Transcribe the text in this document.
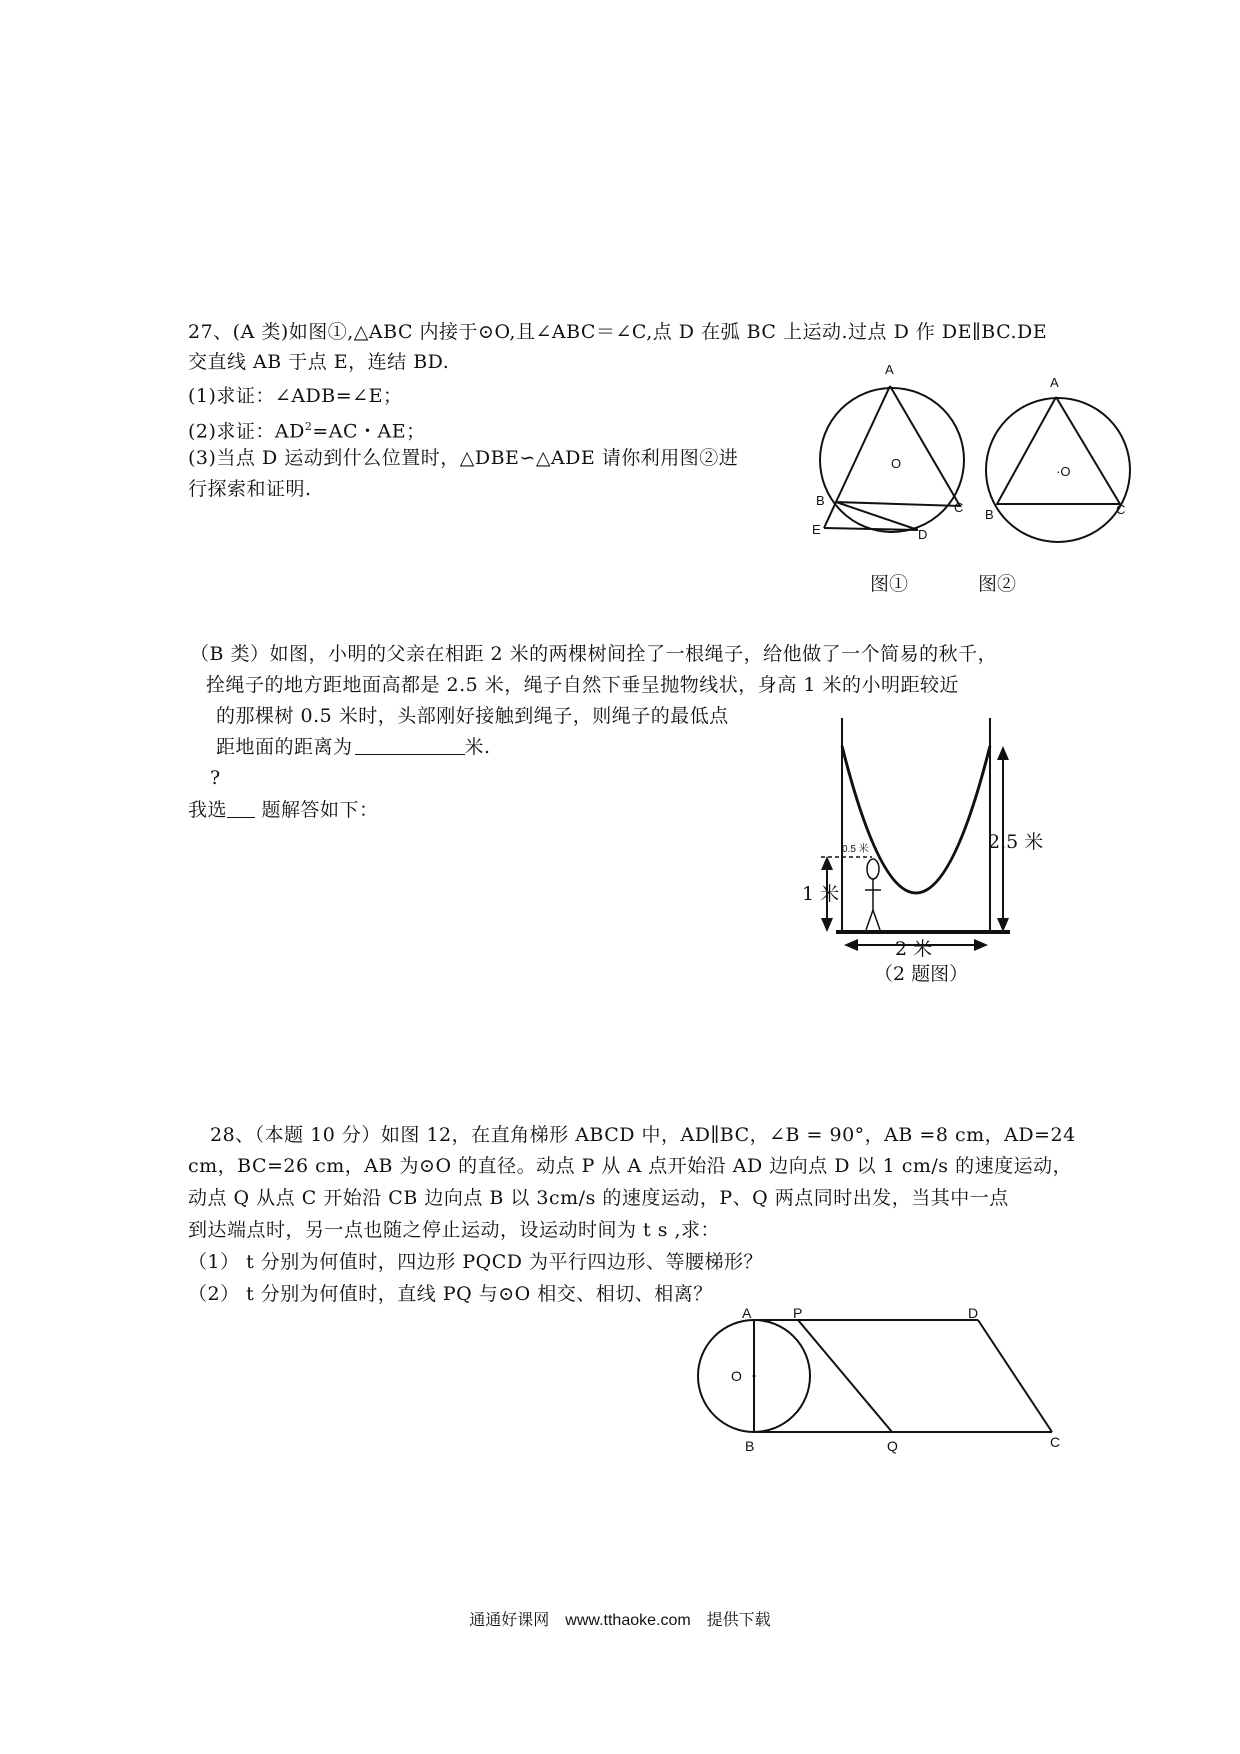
27、(A 类)如图①,△ABC 内接于⊙O,且∠ABC＝∠C,点 D 在弧 BC 上运动.过点 D 作 DE∥BC.DE
交直线 AB 于点 E，连结 BD.
(1)求证：∠ADB=∠E；
(2)求证：$AD^2=AC$・AE；
(3)当点 D 运动到什么位置时，△DBE∽△ADE 请你利用图②进
行探索和证明.
A
O
B	C
E	D
图①
A
·O
B	C
图②
（B 类）如图，小明的父亲在相距 2 米的两棵树间拴了一根绳子，给他做了一个简易的秋千，
拴绳子的地方距地面高都是 2.5 米，绳子自然下垂呈抛物线状，身高 1 米的小明距较近
的那棵树 0.5 米时，头部刚好接触到绳子，则绳子的最低点
距地面的距离为	米.
?
我选 题解答如下：
2.5 米
1 米
0.5 米
2 米
（2 题图）
28、（本题 10 分）如图 12，在直角梯形 ABCD 中，AD∥BC，∠B = 90°，AB =8 cm，AD=24
cm，BC=26 cm，AB 为⊙O 的直径。动点 P 从 A 点开始沿 AD 边向点 D 以 1 cm/s 的速度运动，
动点 Q 从点 C 开始沿 CB 边向点 B 以 3cm/s 的速度运动，P、Q 两点同时出发，当其中一点
到达端点时，另一点也随之停止运动，设运动时间为 t s ,求：
（1） t 分别为何值时，四边形 PQCD 为平行四边形、等腰梯形？
（2） t 分别为何值时，直线 PQ 与⊙O 相交、相切、相离？
A	P	D
O
B	Q	C
通通好课网　www.tthaoke.com　提供下载
